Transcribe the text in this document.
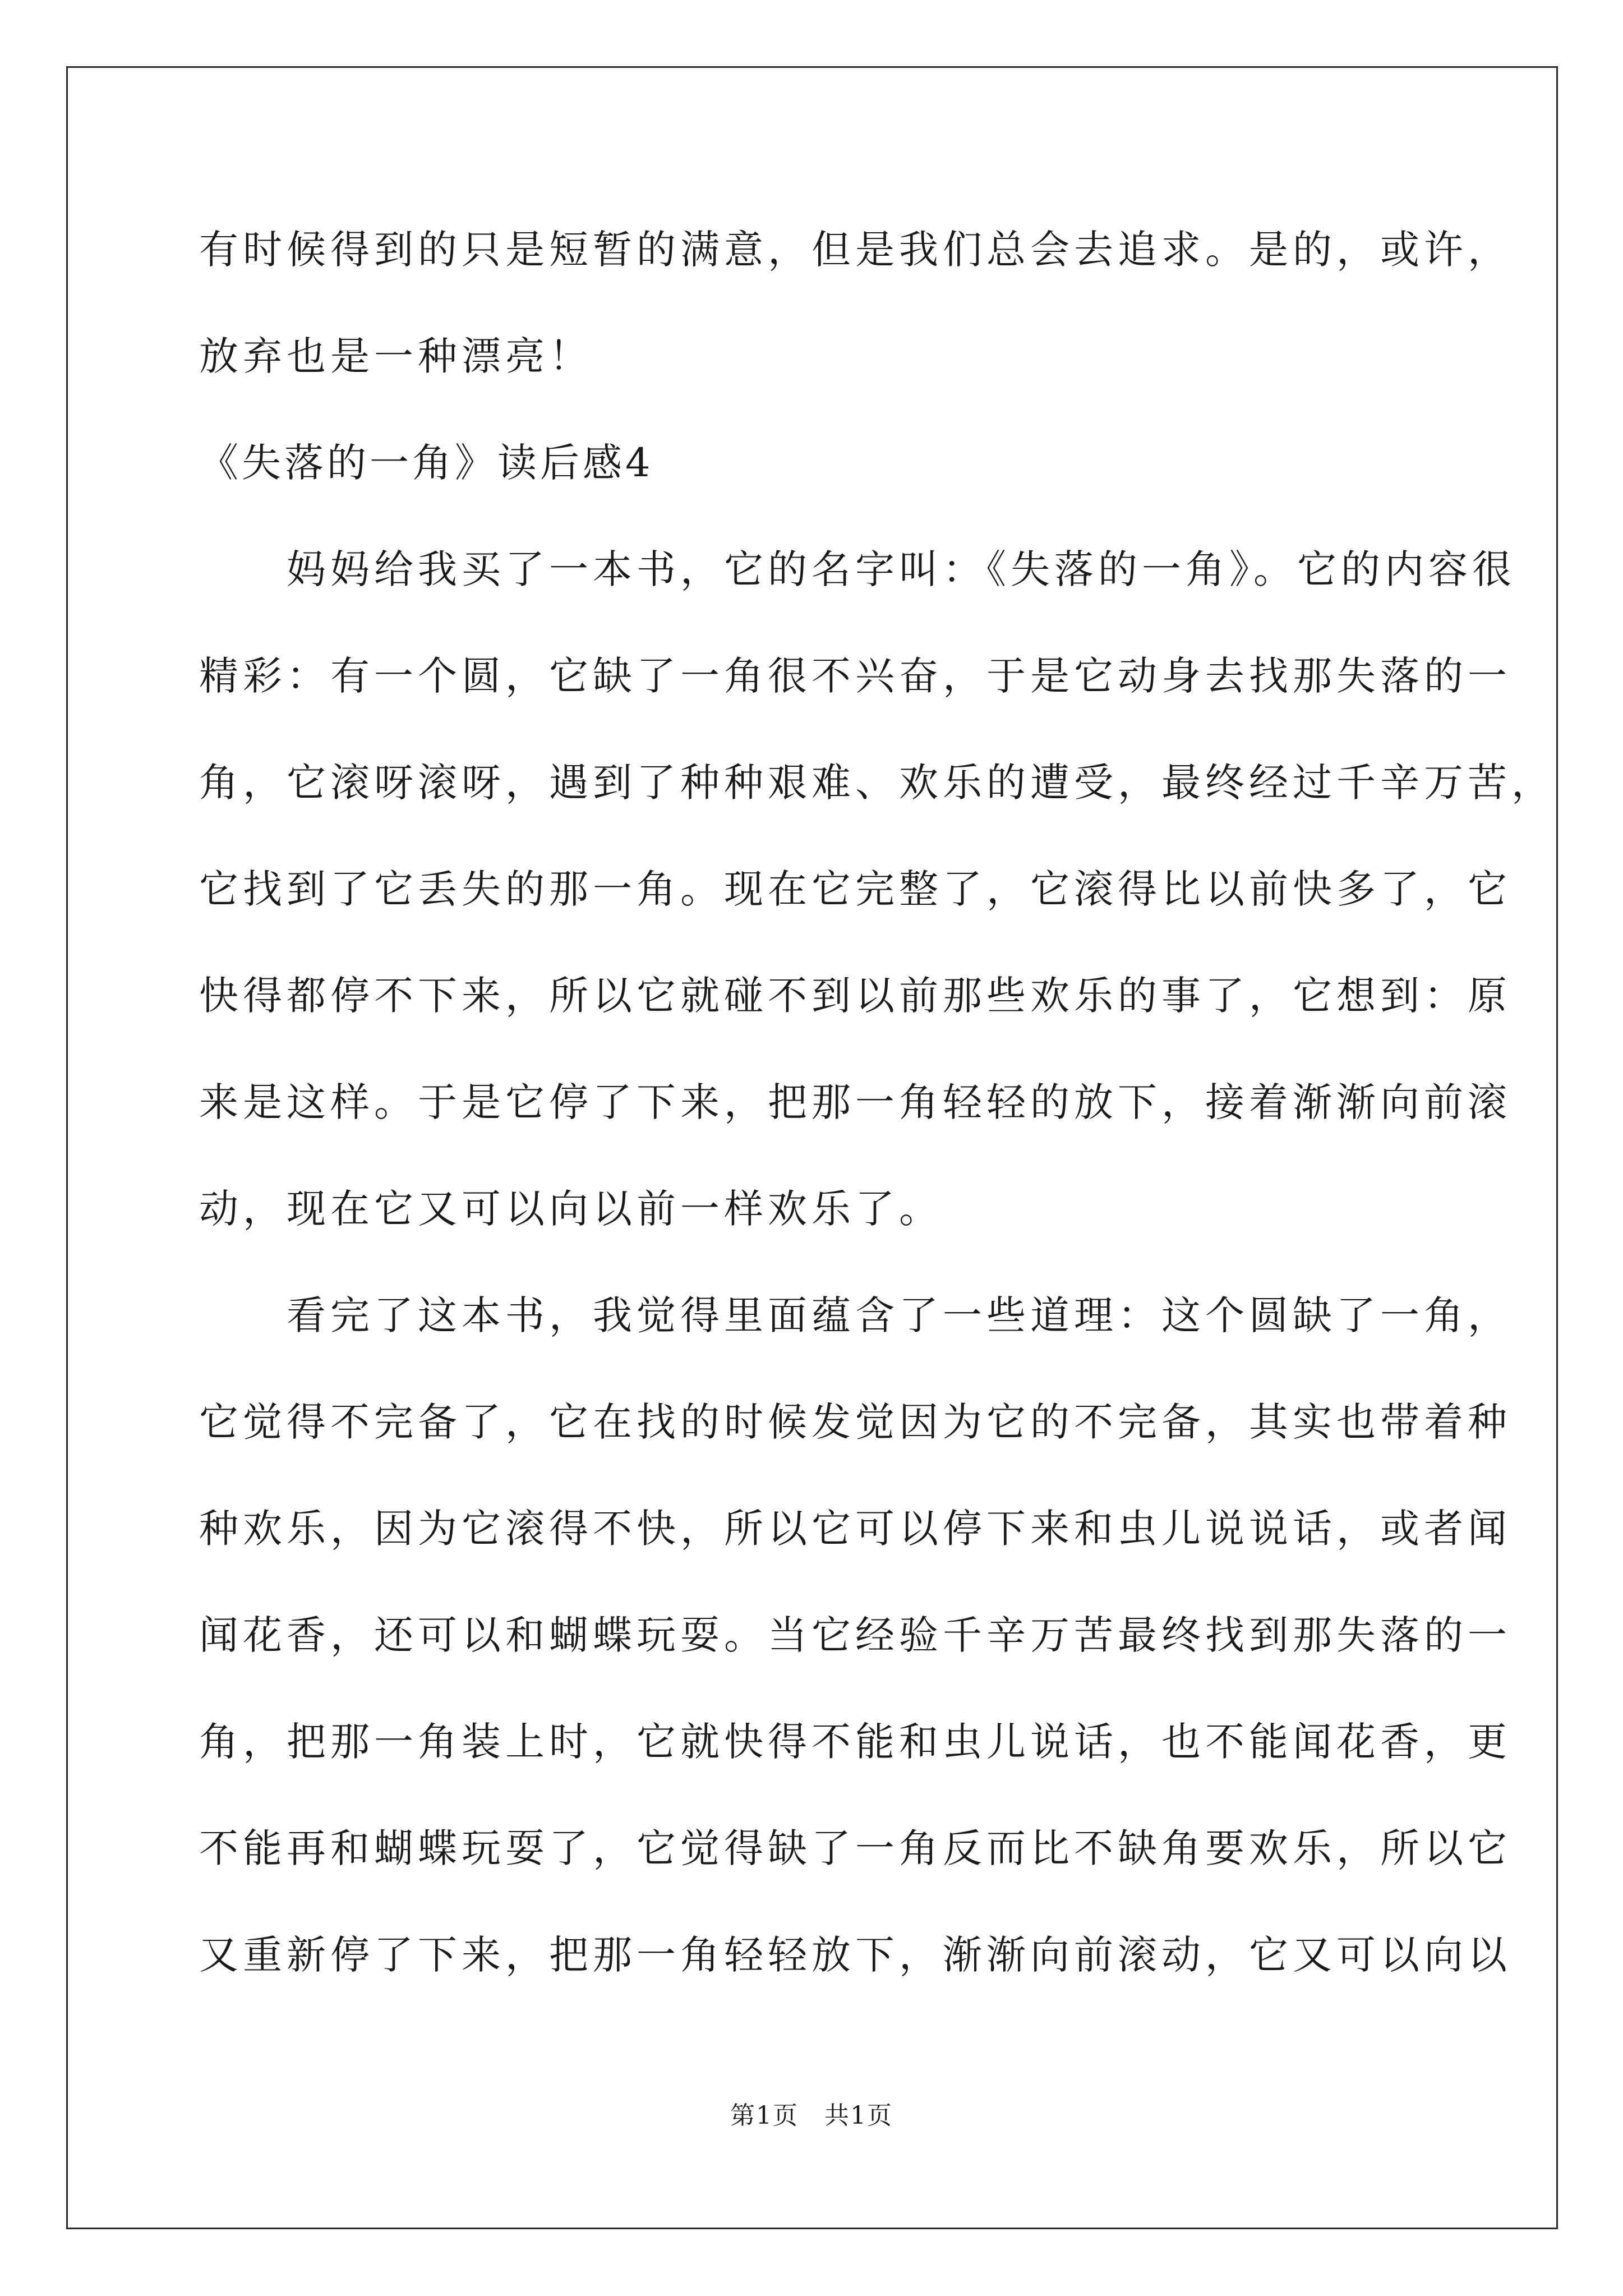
有时候得到的只是短暂的满意，但是我们总会去追求。是的，或许，
放弃也是一种漂亮！
《失落的一角》读后感4
　　妈妈给我买了一本书，它的名字叫：《失落的一角》。它的内容很
精彩：有一个圆，它缺了一角很不兴奋，于是它动身去找那失落的一
角，它滚呀滚呀，遇到了种种艰难、欢乐的遭受，最终经过千辛万苦，
它找到了它丢失的那一角。现在它完整了，它滚得比以前快多了，它
快得都停不下来，所以它就碰不到以前那些欢乐的事了，它想到：原
来是这样。于是它停了下来，把那一角轻轻的放下，接着渐渐向前滚
动，现在它又可以向以前一样欢乐了。
　　看完了这本书，我觉得里面蕴含了一些道理：这个圆缺了一角，
它觉得不完备了，它在找的时候发觉因为它的不完备，其实也带着种
种欢乐，因为它滚得不快，所以它可以停下来和虫儿说说话，或者闻
闻花香，还可以和蝴蝶玩耍。当它经验千辛万苦最终找到那失落的一
角，把那一角装上时，它就快得不能和虫儿说话，也不能闻花香，更
不能再和蝴蝶玩耍了，它觉得缺了一角反而比不缺角要欢乐，所以它
又重新停了下来，把那一角轻轻放下，渐渐向前滚动，它又可以向以
第1页　共1页
